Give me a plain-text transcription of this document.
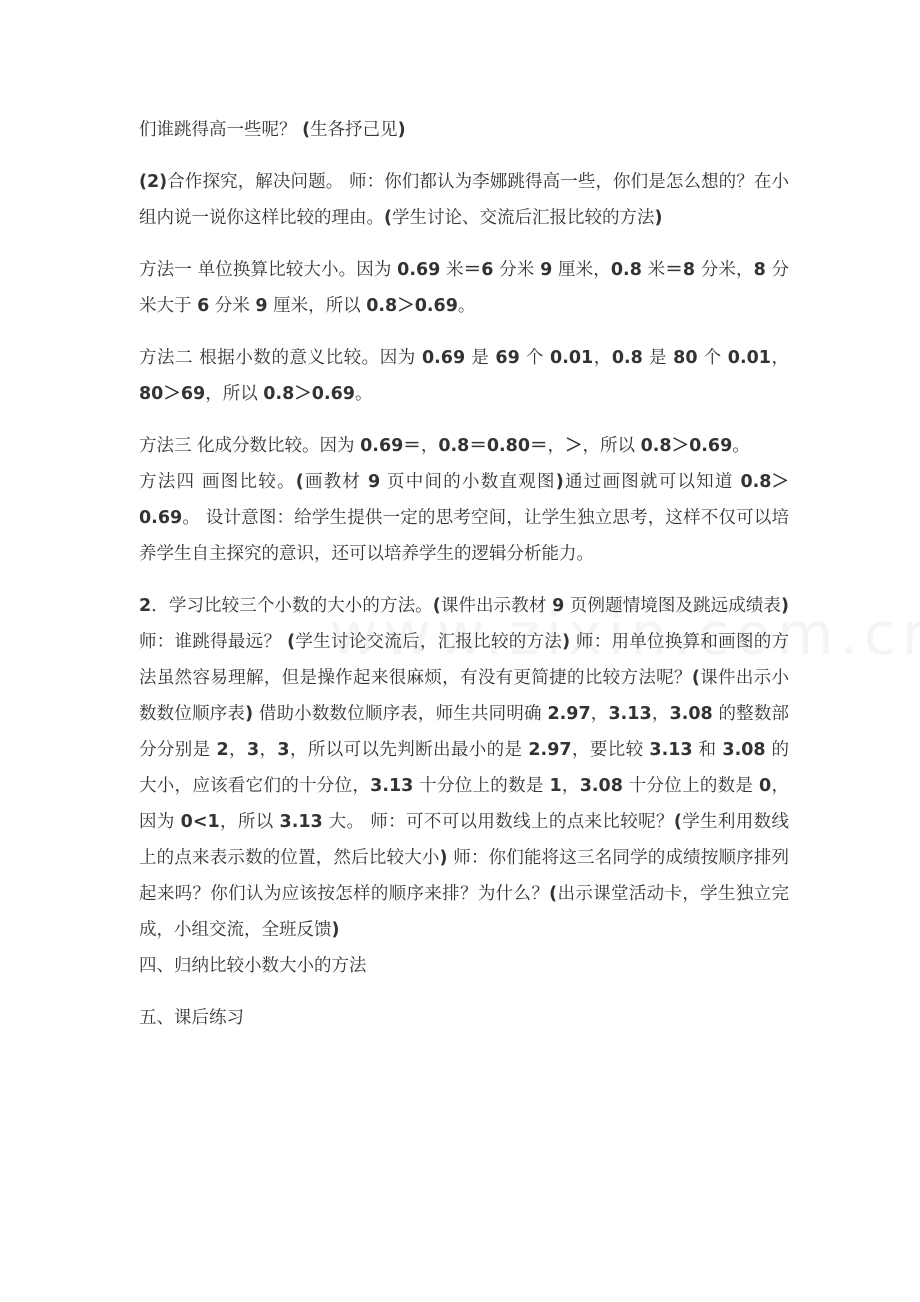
们谁跳得高一些呢？ (生各抒己见)

(2)合作探究，解决问题。 师：你们都认为李娜跳得高一些，你们是怎么想的？在小组内说一说你这样比较的理由。(学生讨论、交流后汇报比较的方法)

方法一 单位换算比较大小。因为 0.69 米＝6 分米 9 厘米，0.8 米＝8 分米，8 分米大于 6 分米 9 厘米，所以 0.8＞0.69。

方法二 根据小数的意义比较。因为 0.69 是 69 个 0.01，0.8 是 80 个 0.01，80＞69，所以 0.8＞0.69。

方法三 化成分数比较。因为 0.69＝，0.8＝0.80＝，＞，所以 0.8＞0.69。

方法四 画图比较。(画教材 9 页中间的小数直观图)通过画图就可以知道 0.8＞0.69。 设计意图：给学生提供一定的思考空间，让学生独立思考，这样不仅可以培养学生自主探究的意识，还可以培养学生的逻辑分析能力。

2．学习比较三个小数的大小的方法。(课件出示教材 9 页例题情境图及跳远成绩表) 师：谁跳得最远？ (学生讨论交流后，汇报比较的方法) 师：用单位换算和画图的方法虽然容易理解，但是操作起来很麻烦，有没有更简捷的比较方法呢？(课件出示小数数位顺序表) 借助小数数位顺序表，师生共同明确 2.97，3.13，3.08 的整数部分分别是 2，3，3，所以可以先判断出最小的是 2.97，要比较 3.13 和 3.08 的大小，应该看它们的十分位，3.13 十分位上的数是 1，3.08 十分位上的数是 0，因为 0<1，所以 3.13 大。 师：可不可以用数线上的点来比较呢？(学生利用数线上的点来表示数的位置，然后比较大小) 师：你们能将这三名同学的成绩按顺序排列起来吗？你们认为应该按怎样的顺序来排？为什么？(出示课堂活动卡，学生独立完成，小组交流，全班反馈)

四、归纳比较小数大小的方法

五、课后练习
